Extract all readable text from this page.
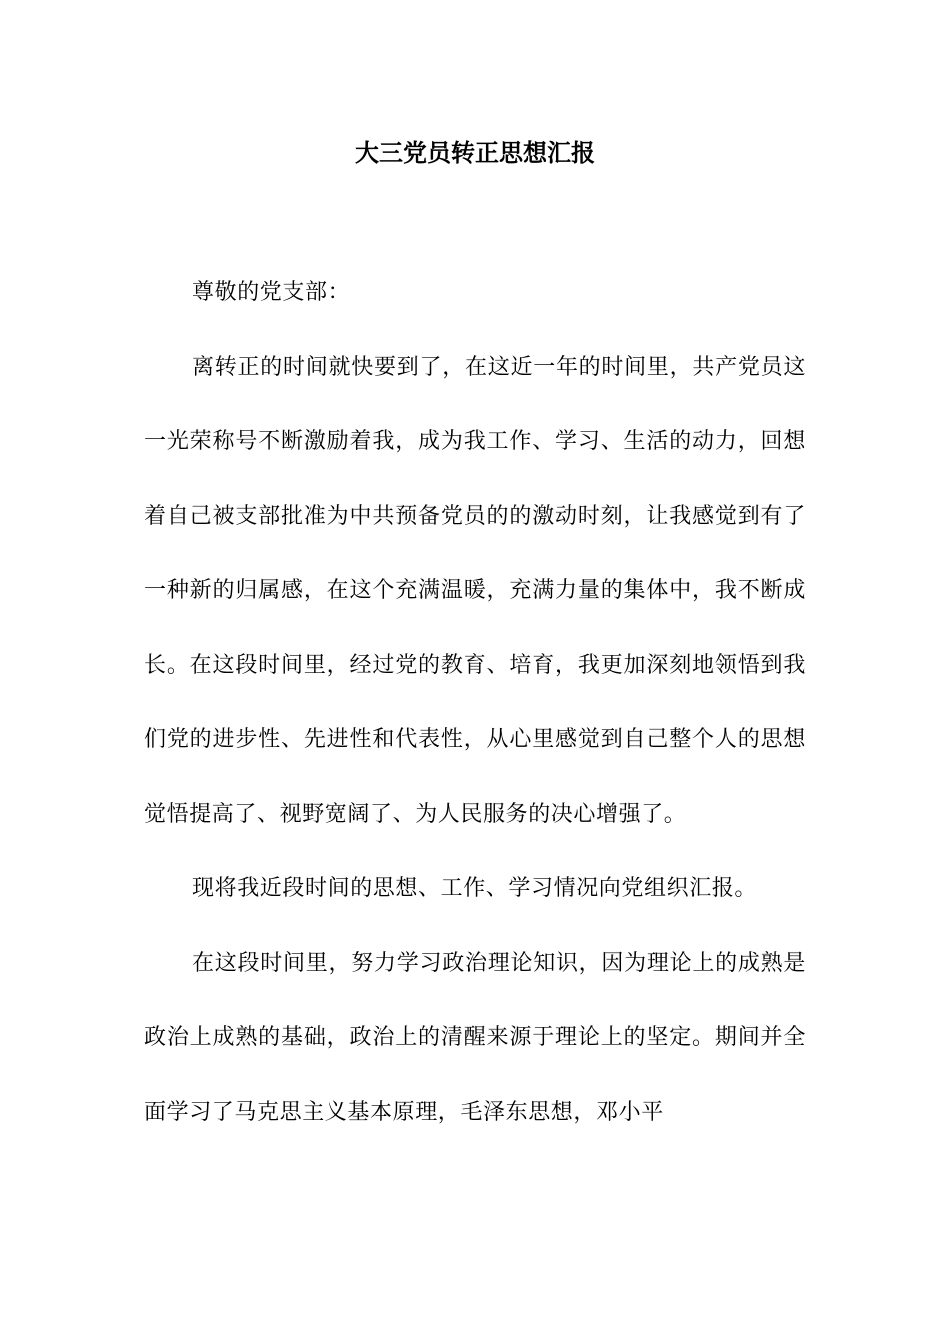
大三党员转正思想汇报

尊敬的党支部：

离转正的时间就快要到了，在这近一年的时间里，共产党员这一光荣称号不断激励着我，成为我工作、学习、生活的动力，回想着自己被支部批准为中共预备党员的的激动时刻，让我感觉到有了一种新的归属感，在这个充满温暖，充满力量的集体中，我不断成长。在这段时间里，经过党的教育、培育，我更加深刻地领悟到我们党的进步性、先进性和代表性，从心里感觉到自己整个人的思想觉悟提高了、视野宽阔了、为人民服务的决心增强了。

现将我近段时间的思想、工作、学习情况向党组织汇报。

在这段时间里，努力学习政治理论知识，因为理论上的成熟是政治上成熟的基础，政治上的清醒来源于理论上的坚定。期间并全面学习了马克思主义基本原理，毛泽东思想，邓小平
